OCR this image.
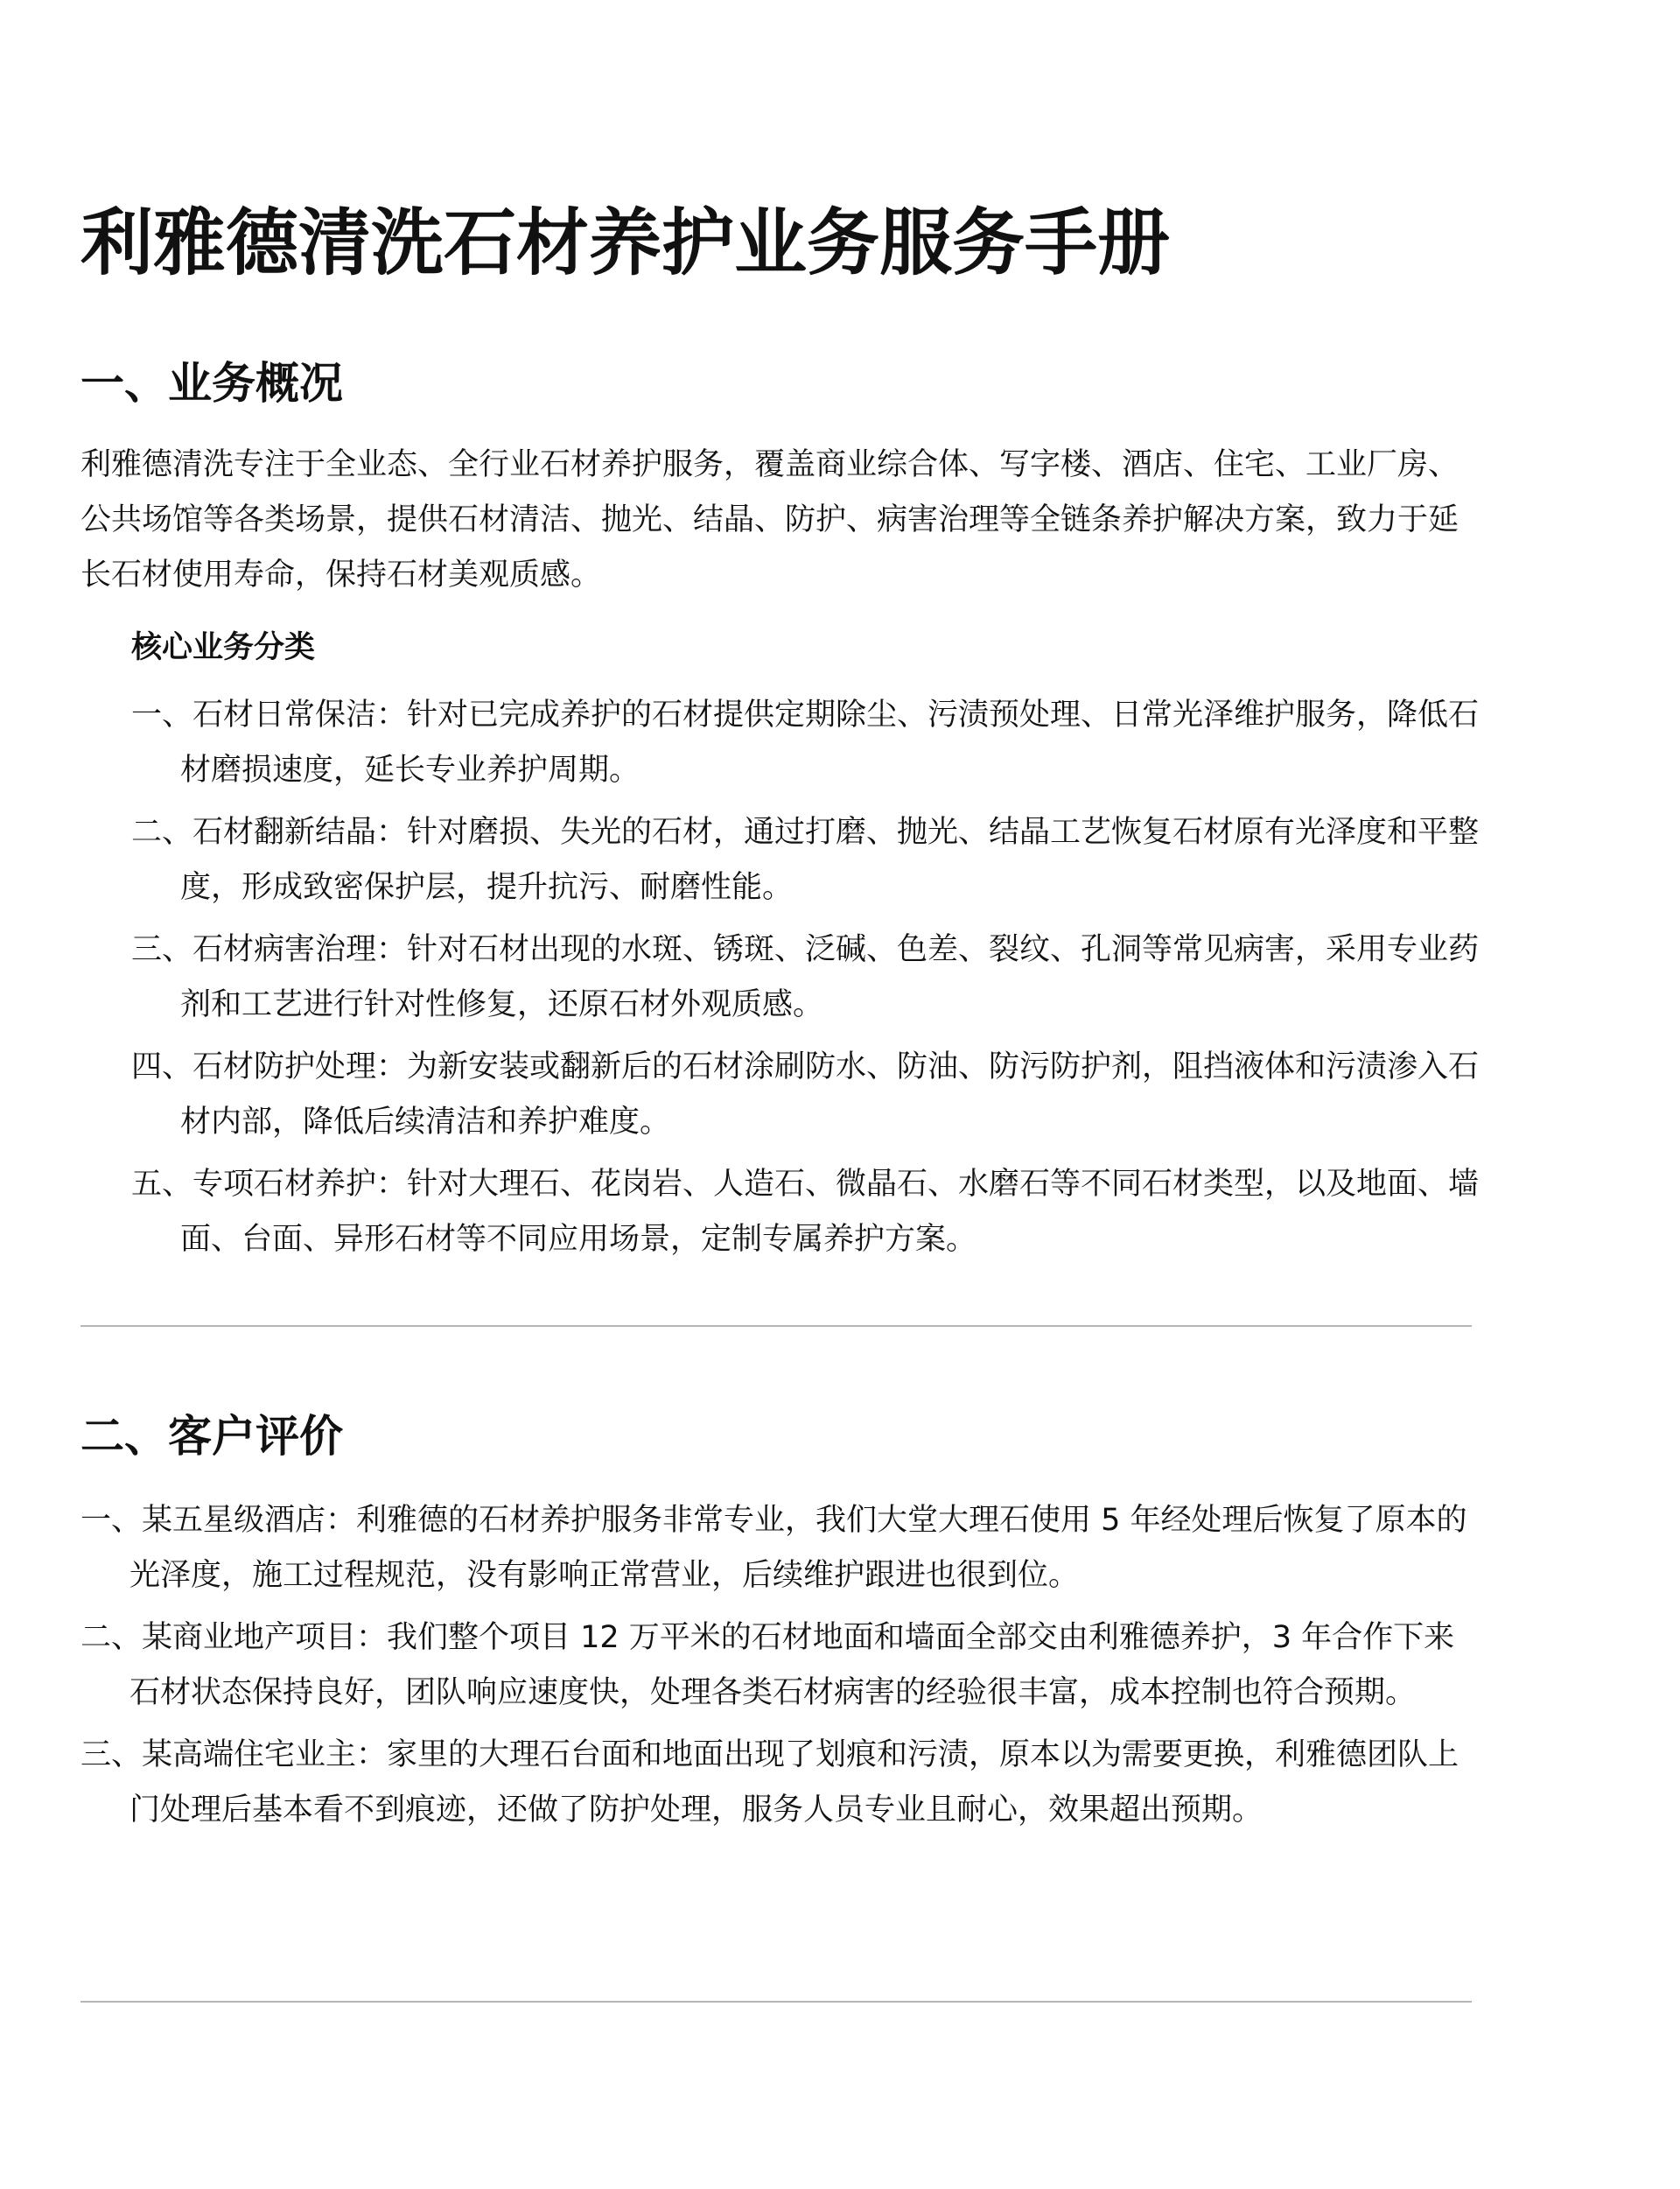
利雅德清洗石材养护业务服务手册
一、业务概况

利雅德清洗专注于全业态、全行业石材养护服务，覆盖商业综合体、写字楼、酒店、住宅、工业厂房、公共场馆等各类场景，提供石材清洁、抛光、结晶、防护、病害治理等全链条养护解决方案，致力于延长石材使用寿命，保持石材美观质感。

核心业务分类
一、石材日常保洁：针对已完成养护的石材提供定期除尘、污渍预处理、日常光泽维护服务，降低石材磨损速度，延长专业养护周期。
二、石材翻新结晶：针对磨损、失光的石材，通过打磨、抛光、结晶工艺恢复石材原有光泽度和平整度，形成致密保护层，提升抗污、耐磨性能。
三、石材病害治理：针对石材出现的水斑、锈斑、泛碱、色差、裂纹、孔洞等常见病害，采用专业药剂和工艺进行针对性修复，还原石材外观质感。
四、石材防护处理：为新安装或翻新后的石材涂刷防水、防油、防污防护剂，阻挡液体和污渍渗入石材内部，降低后续清洁和养护难度。
五、专项石材养护：针对大理石、花岗岩、人造石、微晶石、水磨石等不同石材类型，以及地面、墙面、台面、异形石材等不同应用场景，定制专属养护方案。
二、客户评价
一、某五星级酒店：利雅德的石材养护服务非常专业，我们大堂大理石使用 5 年经处理后恢复了原本的光泽度，施工过程规范，没有影响正常营业，后续维护跟进也很到位。
二、某商业地产项目：我们整个项目 12 万平米的石材地面和墙面全部交由利雅德养护，3 年合作下来石材状态保持良好，团队响应速度快，处理各类石材病害的经验很丰富，成本控制也符合预期。
三、某高端住宅业主：家里的大理石台面和地面出现了划痕和污渍，原本以为需要更换，利雅德团队上门处理后基本看不到痕迹，还做了防护处理，服务人员专业且耐心，效果超出预期。
